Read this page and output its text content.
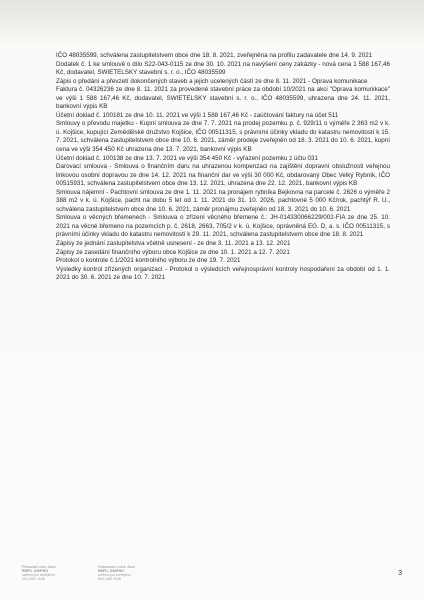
IČO 48035599, schválena zastupitelstvem obce dne 18. 8. 2021, zveřejněna na profilu zadavatele dne 14. 9. 2021

Dodatek č. 1 ke smlouvě o dílo S22-043-0115 ze dne 30. 10. 2021 na navýšení ceny zakázky - nová cena 1 588 167,46 Kč, dodavatel, SWIETELSKY stavební s. r. o., IČO 48035599

Zápis o předání a převzetí dokončených staveb a jejich ucelených částí ze dne 8. 11. 2021 - Oprava komunikace

Faktura č. 04326236 ze dne 8. 11. 2021 za provedené stavební práce za období 10/2021 na akci "Oprava komunikace" ve výši 1 588 167,46 Kč, dodavatel, SWIETELSKY stavební s. r. o., IČO 48035599, uhrazena dne 24. 11. 2021, bankovní výpis KB

Účetní doklad č. 100181 ze dne 10. 11. 2021 ve výši 1 588 167,46 Kč - zaúčtování faktury na účet 511

Smlouvy o převodu majetku - Kupní smlouva ze dne 7. 7. 2021 na prodej pozemku p. č. 929/11 o výměře 2 363 m2 v k. ú. Kojšice, kupující Zemědělské družstvo Kojšice, IČO 00511315, s právními účinky vkladu do katastru nemovitostí k 15. 7. 2021, schválena zastupitelstvem obce dne 10. 6. 2021, záměr prodeje zveřejněn od 18. 3. 2021 do 10. 6. 2021, kupní cena ve výši 354 450 Kč uhrazena dne 13. 7. 2021, bankovní výpis KB

Účetní doklad č. 100138 ze dne 13. 7. 2021 ve výši 354 450 Kč - vyřazení pozemku z účtu 031

Darovací smlouva - Smlouva o finančním daru na uhrazenou kompenzaci na zajištění dopravní obslužnosti veřejnou linkovou osobní dopravou ze dne 14. 12. 2021 na finanční dar ve výši 30 000 Kč, obdarovaný Obec Velký Rybník, IČO 00515931, schválena zastupitelstvem obce dne 13. 12. 2021, uhrazena dne 22. 12. 2021, bankovní výpis KB

Smlouva nájemní - Pachtovní smlouva ze dne 1. 11. 2021 na pronájem rybníka Bejkovna na parcele č. 2626 o výměře 2 388 m2 v k. ú. Kojšice, pacht na dobu 5 let od 1. 11. 2021 do 31. 10. 2026, pachtovné 5 000 Kč/rok, pachtýř R. U., schválena zastupitelstvem obce dne 10. 6. 2021, záměr pronájmu zveřejněn od 18. 3. 2021 do 10. 6. 2021

Smlouva o věcných břemenech - Smlouva o zřízení věcného břemene č.: JH-014330066229/002-FIA ze dne 25. 10. 2021 na věcné břemeno na pozemcích p. č. 2618, 2663, 705/2 v k. ú. Kojšice, oprávněná EG. D, a. s. IČO 00511315, s právními účinky vkladu do katastru nemovitostí k 29. 11. 2021, schválena zastupitelstvem obce dne 18. 8. 2021

Zápisy ze jednání zastupitelstva včetně usnesení - ze dne 3. 11. 2021 a 13. 12. 2021

Zápisy ze zasedání finančního výboru obce Kojšice ze dne 10. 1. 2021 a 12. 7. 2021

Protokol o kontrole č.1/2021 kontrolního výboru ze dne 19. 7. 2021

Výsledky kontrol zřízených organizací - Protokol o výsledcích veřejnosprávní kontroly hospodaření za období od 1. 1. 2021 do 30. 6. 2021 ze dne 10. 7. 2021

Personal Lohe Jsou
REFU_OK/PHO
ověřeno pro zveřejnění
06.5.2022 15:36
Hustosoun Lohe Jsou
REFU_OK/PHO
ověřeno pro zveřejnění
06.5.2022 15:36
3
